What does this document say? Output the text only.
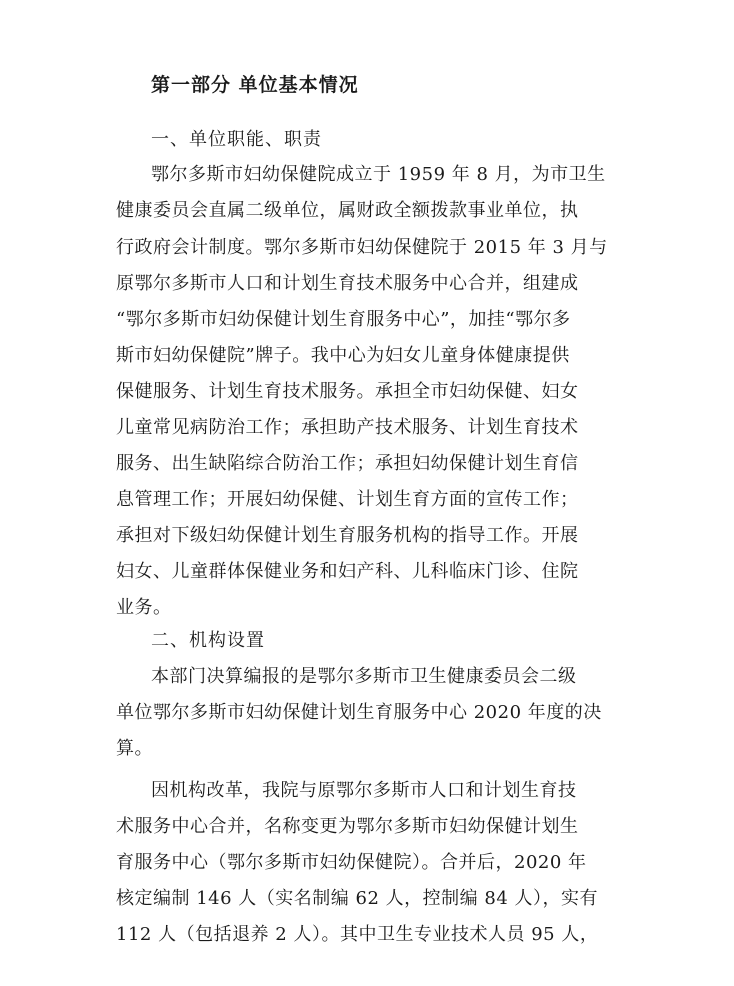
第一部分 单位基本情况
一、单位职能、职责
鄂尔多斯市妇幼保健院成立于 1959 年 8 月，为市卫生
健康委员会直属二级单位，属财政全额拨款事业单位，执
行政府会计制度。鄂尔多斯市妇幼保健院于 2015 年 3 月与
原鄂尔多斯市人口和计划生育技术服务中心合并，组建成
“鄂尔多斯市妇幼保健计划生育服务中心”，加挂“鄂尔多
斯市妇幼保健院”牌子。我中心为妇女儿童身体健康提供
保健服务、计划生育技术服务。承担全市妇幼保健、妇女
儿童常见病防治工作；承担助产技术服务、计划生育技术
服务、出生缺陷综合防治工作；承担妇幼保健计划生育信
息管理工作；开展妇幼保健、计划生育方面的宣传工作；
承担对下级妇幼保健计划生育服务机构的指导工作。开展
妇女、儿童群体保健业务和妇产科、儿科临床门诊、住院
业务。
二、机构设置
本部门决算编报的是鄂尔多斯市卫生健康委员会二级
单位鄂尔多斯市妇幼保健计划生育服务中心 2020 年度的决
算。
因机构改革，我院与原鄂尔多斯市人口和计划生育技
术服务中心合并，名称变更为鄂尔多斯市妇幼保健计划生
育服务中心（鄂尔多斯市妇幼保健院）。合并后，2020 年
核定编制 146 人（实名制编 62 人，控制编 84 人），实有
112 人（包括退养 2 人）。其中卫生专业技术人员 95 人，
